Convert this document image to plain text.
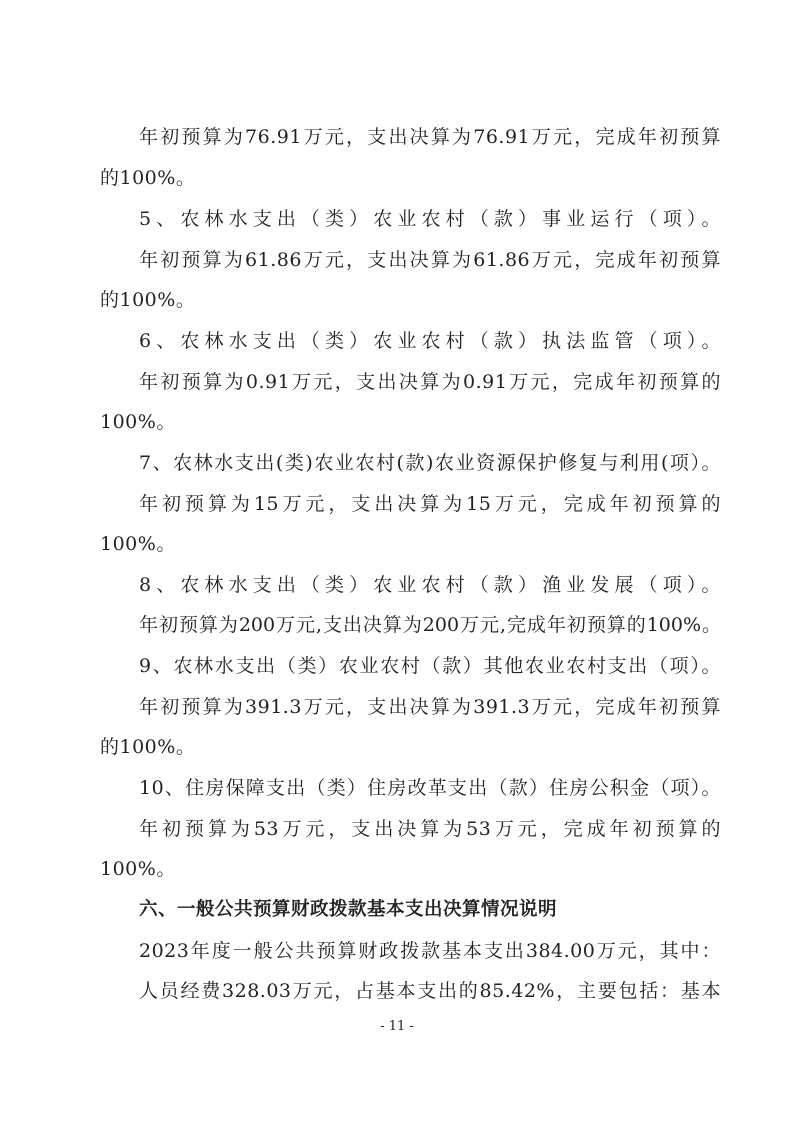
年初预算为76.91万元，支出决算为76.91万元，完成年初预算
的100%。
5、农林水支出（类）农业农村（款）事业运行（项）。
年初预算为61.86万元，支出决算为61.86万元，完成年初预算
的100%。
6、农林水支出（类）农业农村（款）执法监管（项）。
年初预算为0.91万元，支出决算为0.91万元，完成年初预算的
100%。
7、农林水支出(类)农业农村(款)农业资源保护修复与利用(项）。
年初预算为15万元，支出决算为15万元，完成年初预算的
100%。
8、农林水支出（类）农业农村（款）渔业发展（项）。
年初预算为200万元,支出决算为200万元,完成年初预算的100%。
9、农林水支出（类）农业农村（款）其他农业农村支出（项）。
年初预算为391.3万元，支出决算为391.3万元，完成年初预算
的100%。
10、住房保障支出（类）住房改革支出（款）住房公积金（项）。
年初预算为53万元，支出决算为53万元，完成年初预算的
100%。
六、一般公共预算财政拨款基本支出决算情况说明
2023年度一般公共预算财政拨款基本支出384.00万元，其中：
人员经费328.03万元，占基本支出的85.42%，主要包括：基本
- 11 -
